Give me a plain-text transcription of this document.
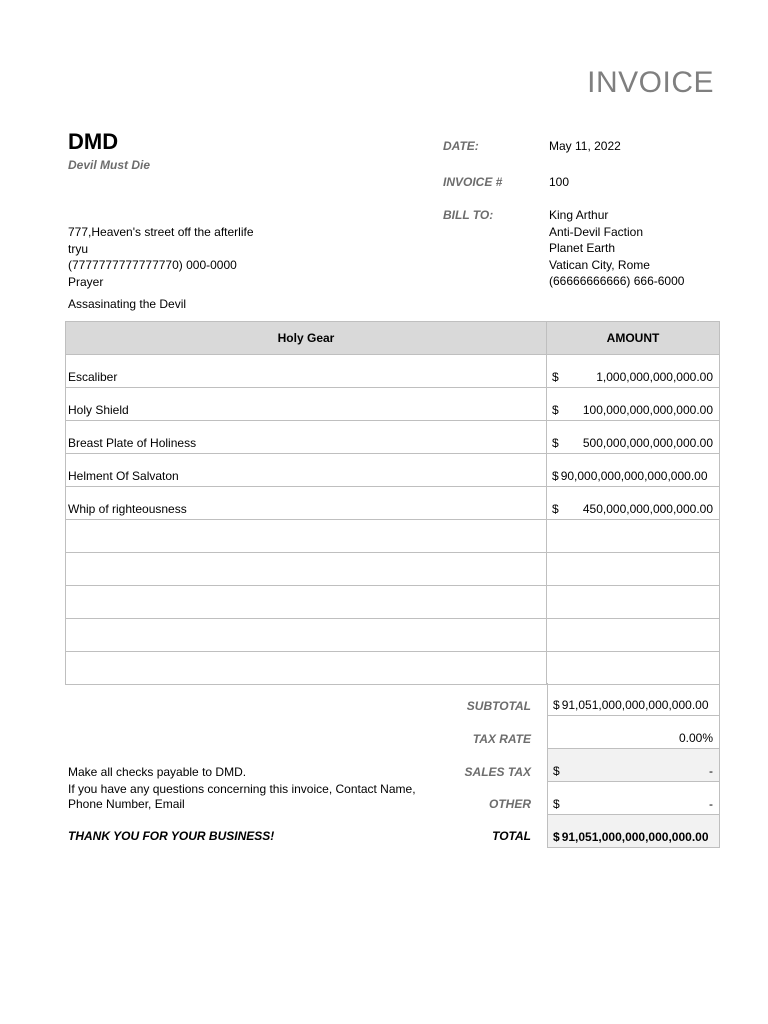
INVOICE
DMD
Devil Must Die
DATE:	May 11, 2022
INVOICE #	100
BILL TO:	King Arthur
Anti-Devil Faction
Planet Earth
Vatican City, Rome
(66666666666) 666-6000
777,Heaven's street off the afterlife
tryu
(7777777777777770) 000-0000
Prayer
Assasinating the Devil
Holy Gear	AMOUNT
Escaliber	$ 1,000,000,000,000.00

Holy Shield	$ 100,000,000,000,000.00

Breast Plate of Holiness	$ 500,000,000,000,000.00

Helment Of Salvaton	$ 90,000,000,000,000,000.00

Whip of righteousness	$ 450,000,000,000,000.00

SUBTOTAL $ 91,051,000,000,000,000.00
TAX RATE	0.00%
SALES TAX $	-
OTHER $	-
TOTAL $ 91,051,000,000,000,000.00
Make all checks payable to DMD.
If you have any questions concerning this invoice, Contact Name,
Phone Number, Email
THANK YOU FOR YOUR BUSINESS!
